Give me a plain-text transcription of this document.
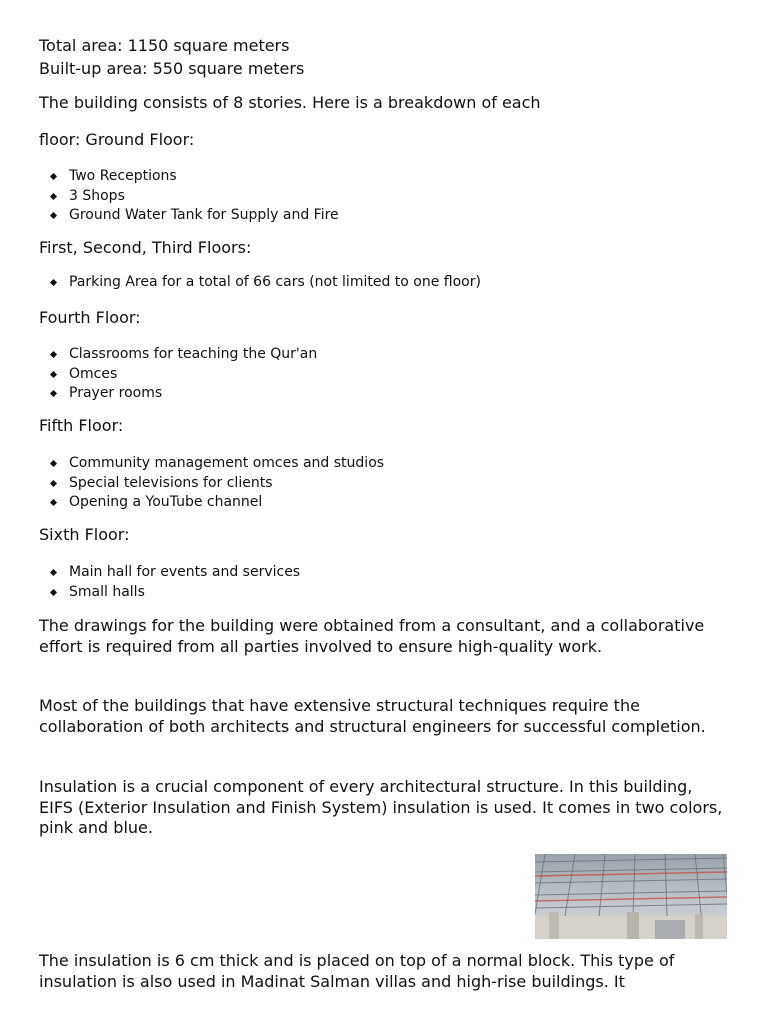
Total area: 1150 square meters
Built-up area: 550 square meters
The building consists of 8 stories. Here is a breakdown of each
floor: Ground Floor:
Two Receptions
3 Shops
Ground Water Tank for Supply and Fire
First, Second, Third Floors:
Parking Area for a total of 66 cars (not limited to one floor)
Fourth Floor:
Classrooms for teaching the Qur'an
Omces
Prayer rooms
Fifth Floor:
Community management omces and studios
Special televisions for clients
Opening a YouTube channel
Sixth Floor:
Main hall for events and services
Small halls
The drawings for the building were obtained from a consultant, and a collaborative effort is required from all parties involved to ensure high-quality work.
Most of the buildings that have extensive structural techniques require the collaboration of both architects and structural engineers for successful completion.
Insulation is a crucial component of every architectural structure. In this building, EIFS (Exterior Insulation and Finish System) insulation is used. It comes in two colors, pink and blue.
The insulation is 6 cm thick and is placed on top of a normal block. This type of insulation is also used in Madinat Salman villas and high-rise buildings. It
